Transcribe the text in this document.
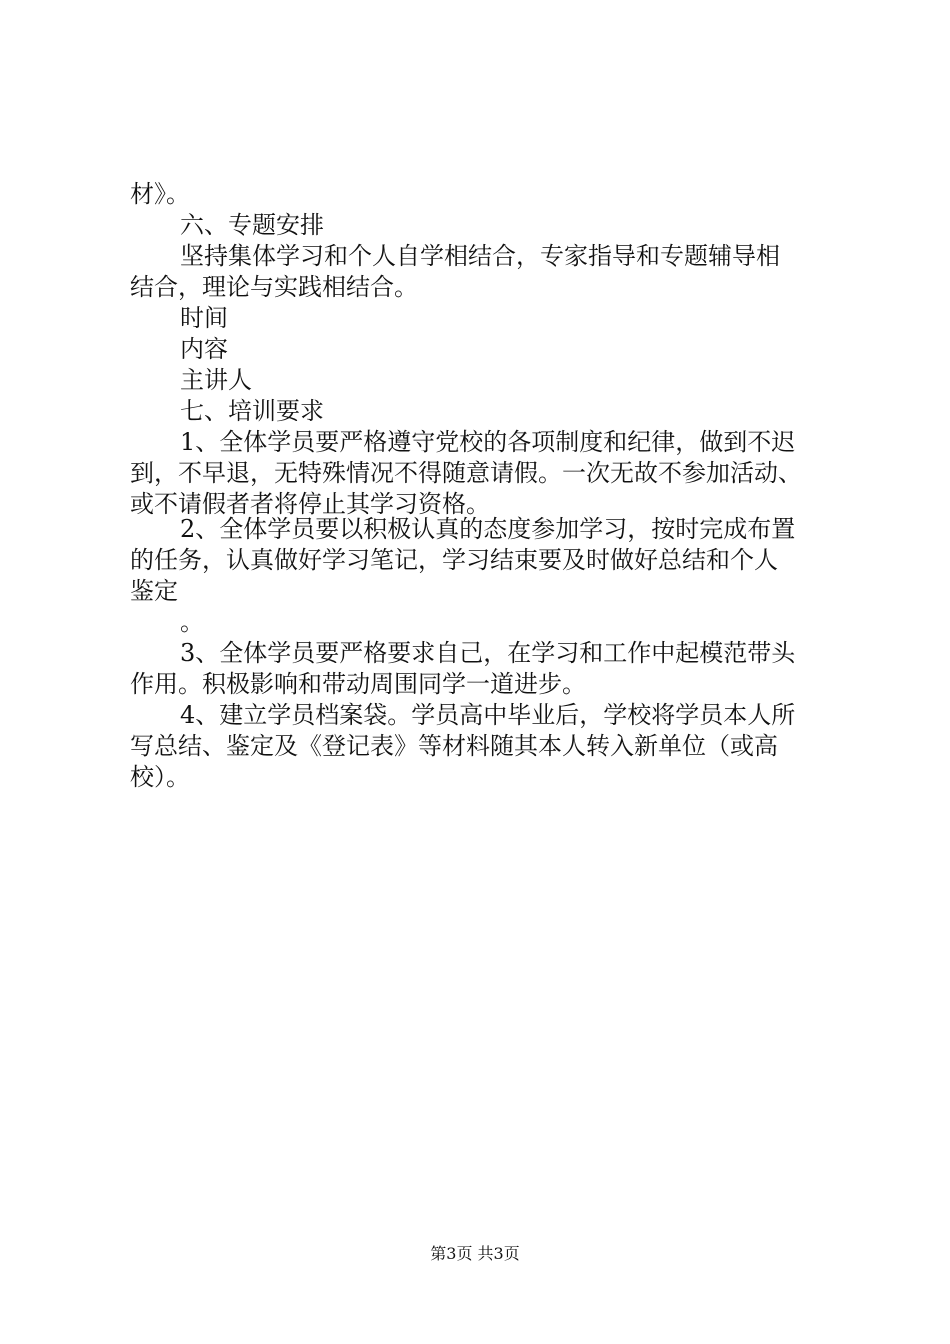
材》。
六、专题安排
坚持集体学习和个人自学相结合，专家指导和专题辅导相
结合，理论与实践相结合。
时间
内容
主讲人
七、培训要求
1、全体学员要严格遵守党校的各项制度和纪律，做到不迟
到，不早退，无特殊情况不得随意请假。一次无故不参加活动、
或不请假者者将停止其学习资格。
2、全体学员要以积极认真的态度参加学习，按时完成布置
的任务，认真做好学习笔记，学习结束要及时做好总结和个人
鉴定
。
3、全体学员要严格要求自己，在学习和工作中起模范带头
作用。积极影响和带动周围同学一道进步。
4、建立学员档案袋。学员高中毕业后，学校将学员本人所
写总结、鉴定及《登记表》等材料随其本人转入新单位（或高
校）。
第3页 共3页
